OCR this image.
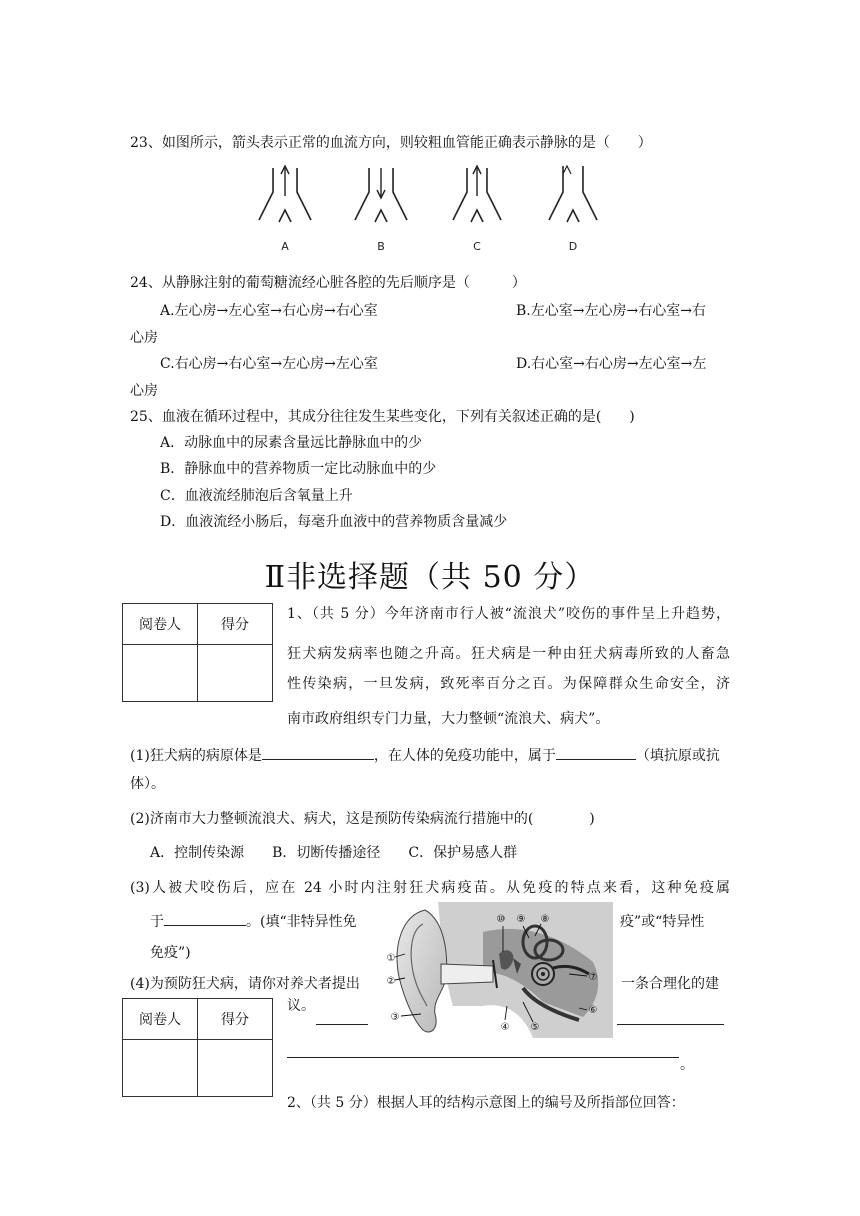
23、如图所示，箭头表示正常的血流方向，则较粗血管能正确表示静脉的是（　　）
A	B	C	D
24、从静脉注射的葡萄糖流经心脏各腔的先后顺序是（　　　）
A.左心房→左心室→右心房→右心室	B.左心室→左心房→右心室→右
心房
C.右心房→右心室→左心房→左心室	D.右心室→右心房→左心室→左
心房
25、血液在循环过程中，其成分往往发生某些变化，下列有关叙述正确的是(　　)
A．动脉血中的尿素含量远比静脉血中的少
B．静脉血中的营养物质一定比动脉血中的少
C．血液流经肺泡后含氧量上升
D．血液流经小肠后，每毫升血液中的营养物质含量减少
Ⅱ非选择题（共 50 分）
阅卷人	得分

1、（共 5 分）今年济南市行人被“流浪犬”咬伤的事件呈上升趋势，
狂犬病发病率也随之升高。狂犬病是一种由狂犬病毒所致的人畜急
性传染病，一旦发病，致死率百分之百。为保障群众生命安全，济
南市政府组织专门力量，大力整顿“流浪犬、病犬”。
(1)狂犬病的病原体是	，在人体的免疫功能中，属于	（填抗原或抗
体）。
(2)济南市大力整顿流浪犬、病犬，这是预防传染病流行措施中的(　　　　)
A．控制传染源　　B．切断传播途径　　C．保护易感人群
(3)人被犬咬伤后，应在 24 小时内注射狂犬病疫苗。从免疫的特点来看，这种免疫属
于	。(填“非特异性免	疫”或“特异性
免疫”)
(4)为预防狂犬病，请你对养犬者提出	一条合理化的建
议。
阅卷人	得分

。
①
②
③
④ ⑤
⑥
⑦
⑧
⑨
⑩
2、（共 5 分）根据人耳的结构示意图上的编号及所指部位回答：
